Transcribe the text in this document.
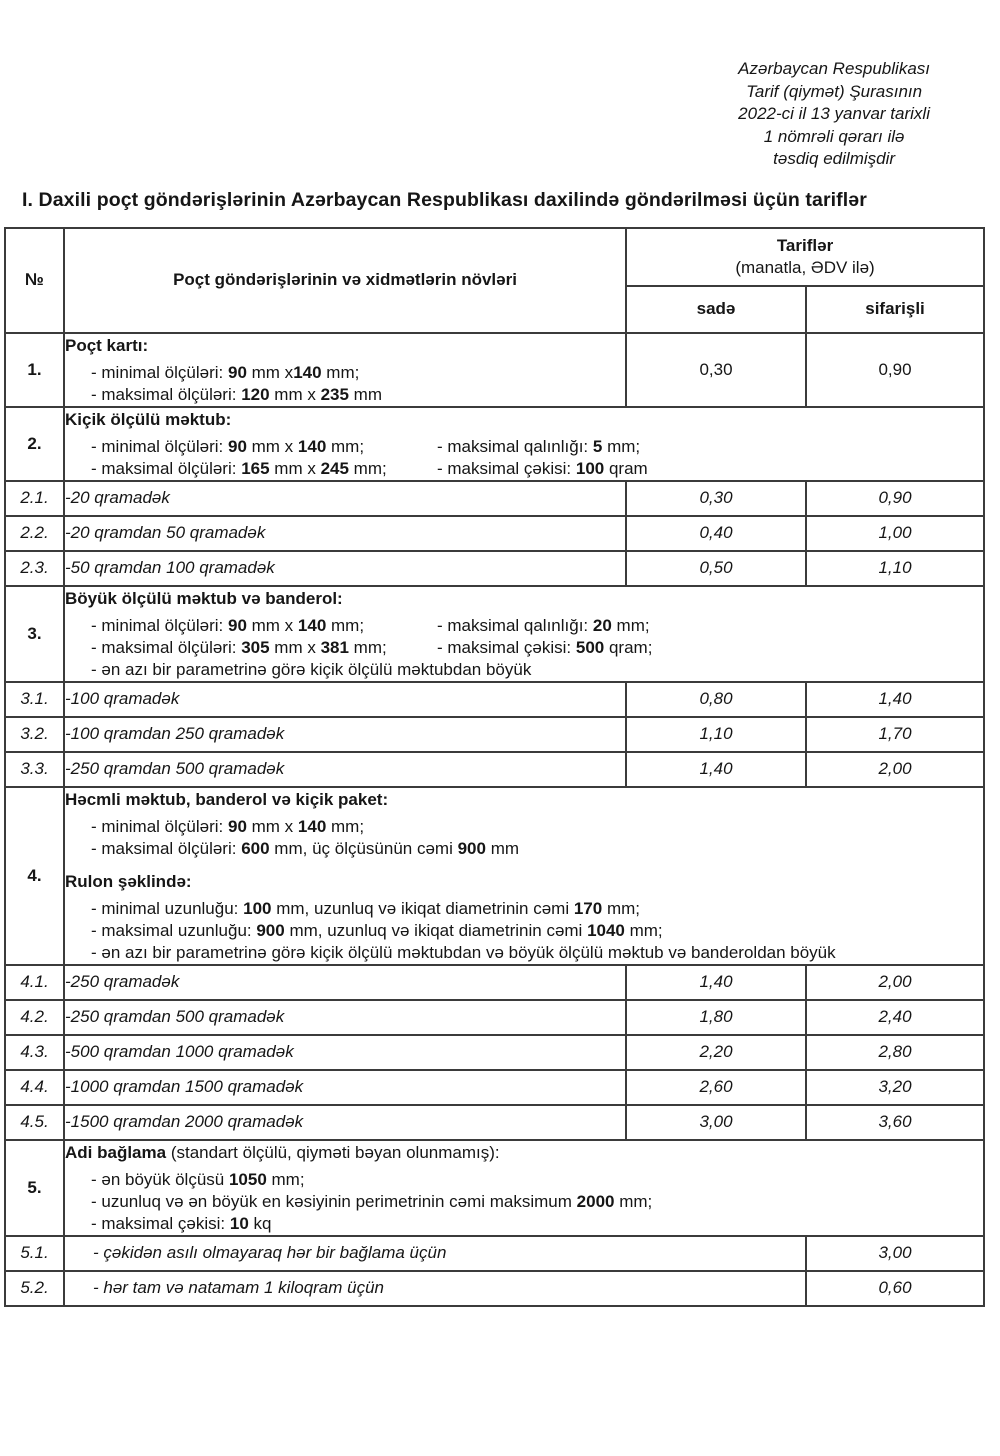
Azərbaycan Respublikası
Tarif (qiymət) Şurasının
2022-ci il 13 yanvar tarixli
1 nömrəli qərarı ilə
təsdiq edilmişdir
I. Daxili poçt göndərişlərinin Azərbaycan Respublikası daxilində göndərilməsi üçün tariflər
№	Poçt göndərişlərinin və xidmətlərin növləri	Tariflər
(manatla, ƏDV ilə)	

		sadə	sifarişli
1.	Poçt kartı:
- minimal ölçüləri: 90 mm x140 mm;
- maksimal ölçüləri: 120 mm x 235 mm	0,30	0,90
2.	Kiçik ölçülü məktub:
- minimal ölçüləri: 90 mm x 140 mm; - maksimal qalınlığı: 5 mm;
- maksimal ölçüləri: 165 mm x 245 mm; - maksimal çəkisi: 100 qram		

2.1.	-20 qramadək	0,30	0,90
2.2.	-20 qramdan 50 qramadək	0,40	1,00
2.3.	-50 qramdan 100 qramadək	0,50	1,10
3.	
Böyük ölçülü məktub və banderol:
- minimal ölçüləri: 90 mm x 140 mm;	- maksimal qalınlığı: 20 mm;
- maksimal ölçüləri: 305 mm x 381 mm;	- maksimal çəkisi: 500 qram;
- ən azı bir parametrinə görə kiçik ölçülü məktubdan böyük

3.1.	-100 qramadək	0,80	1,40
3.2.	-100 qramdan 250 qramadək	1,10	1,70
3.3.	-250 qramdan 500 qramadək	1,40	2,00
4.	
Həcmli məktub, banderol və kiçik paket:
- minimal ölçüləri: 90 mm x 140 mm;
- maksimal ölçüləri: 600 mm, üç ölçüsünün cəmi 900 mm
Rulon şəklində:
- minimal uzunluğu: 100 mm, uzunluq və ikiqat diametrinin cəmi 170 mm;
- maksimal uzunluğu: 900 mm, uzunluq və ikiqat diametrinin cəmi 1040 mm;
- ən azı bir parametrinə görə kiçik ölçülü məktubdan və böyük ölçülü məktub və banderoldan böyük

4.1.	-250 qramadək	1,40	2,00
4.2.	-250 qramdan 500 qramadək	1,80	2,40
4.3.	-500 qramdan 1000 qramadək	2,20	2,80
4.4.	-1000 qramdan 1500 qramadək	2,60	3,20
4.5.	-1500 qramdan 2000 qramadək	3,00	3,60
5.	Adi bağlama (standart ölçülü, qiyməti bəyan olunmamış):
- ən böyük ölçüsü 1050 mm;
- uzunluq və ən böyük en kəsiyinin perimetrinin cəmi maksimum 2000 mm;
- maksimal çəkisi: 10 kq		

5.1.	- çəkidən asılı olmayaraq hər bir bağlama üçün		3,00
5.2.	- hər tam və natamam 1 kiloqram üçün		0,60
